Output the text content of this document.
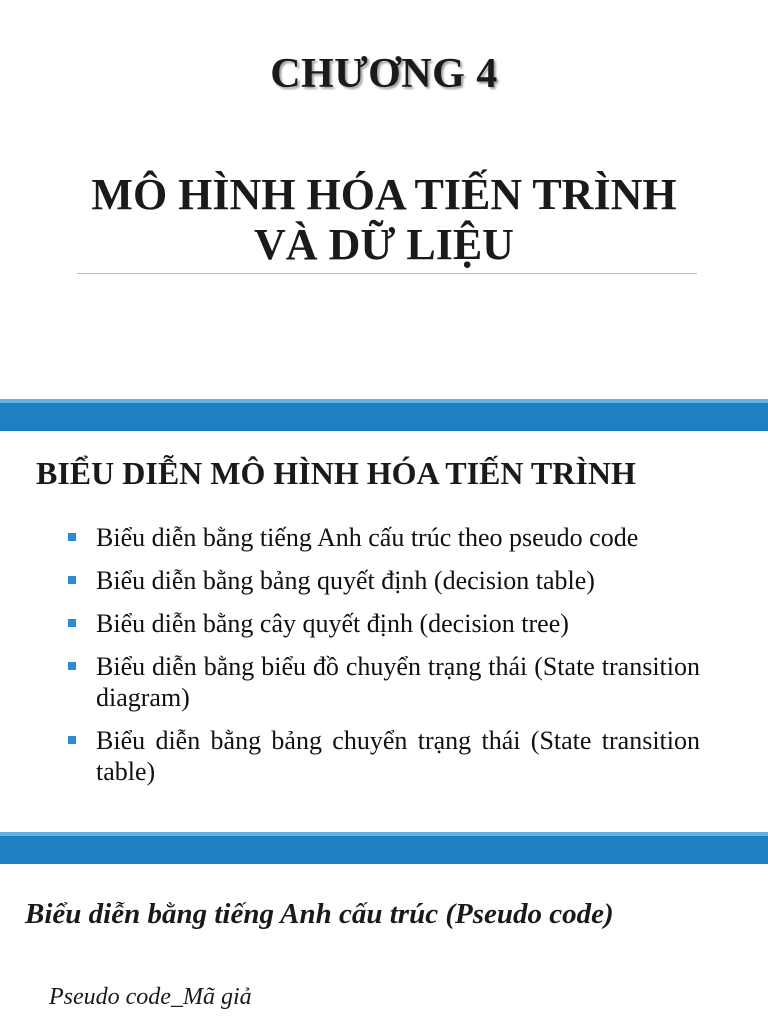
CHƯƠNG 4
MÔ HÌNH HÓA TIẾN TRÌNH
VÀ DỮ LIỆU
BIỂU DIỄN MÔ HÌNH HÓA TIẾN TRÌNH
Biểu diễn bằng tiếng Anh cấu trúc theo pseudo code
Biểu diễn bằng bảng quyết định (decision table)
Biểu diễn bằng cây quyết định (decision tree)
Biểu diễn bằng biểu đồ chuyển trạng thái (State transition diagram)
Biểu diễn bằng bảng chuyển trạng thái (State transition table)
Biểu diễn bằng tiếng Anh cấu trúc (Pseudo code)
Pseudo code_Mã giả
